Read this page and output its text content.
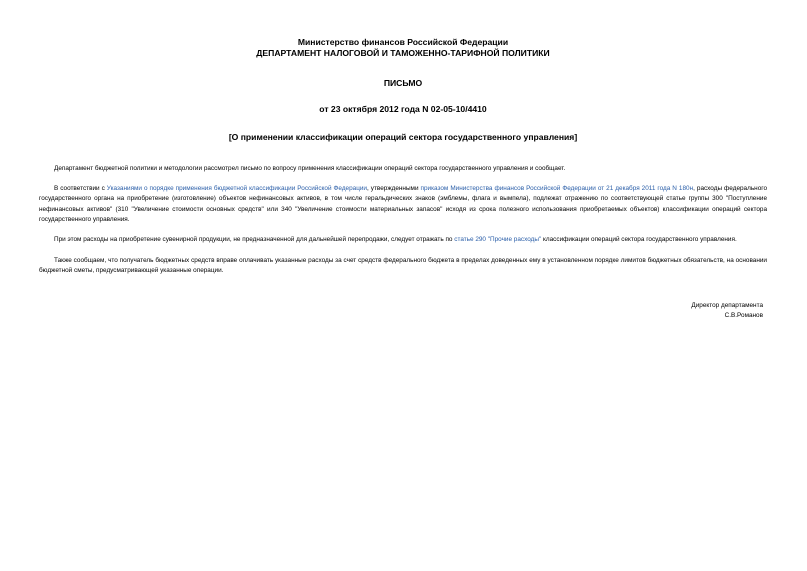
Министерство финансов Российской Федерации
ДЕПАРТАМЕНТ НАЛОГОВОЙ И ТАМОЖЕННО-ТАРИФНОЙ ПОЛИТИКИ
ПИСЬМО
от 23 октября 2012 года N 02-05-10/4410
[О применении классификации операций сектора государственного управления]

Департамент бюджетной политики и методологии рассмотрел письмо по вопросу применения классификации операций сектора государственного управления и сообщает.

В соответствии с Указаниями о порядке применения бюджетной классификации Российской Федерации, утвержденными приказом Министерства финансов Российской Федерации от 21 декабря 2011 года N 180н, расходы федерального государственного органа на приобретение (изготовление) объектов нефинансовых активов, в том числе геральдических знаков (эмблемы, флага и вымпела), подлежат отражению по соответствующей статье группы 300 "Поступление нефинансовых активов" (310 "Увеличение стоимости основных средств" или 340 "Увеличение стоимости материальных запасов" исходя из срока полезного использования приобретаемых объектов) классификации операций сектора государственного управления.

При этом расходы на приобретение сувенирной продукции, не предназначенной для дальнейшей перепродажи, следует отражать по статье 290 "Прочие расходы" классификации операций сектора государственного управления.

Также сообщаем, что получатель бюджетных средств вправе оплачивать указанные расходы за счет средств федерального бюджета в пределах доведенных ему в установленном порядке лимитов бюджетных обязательств, на основании бюджетной сметы, предусматривающей указанные операции.

Директор департамента
С.В.Романов
